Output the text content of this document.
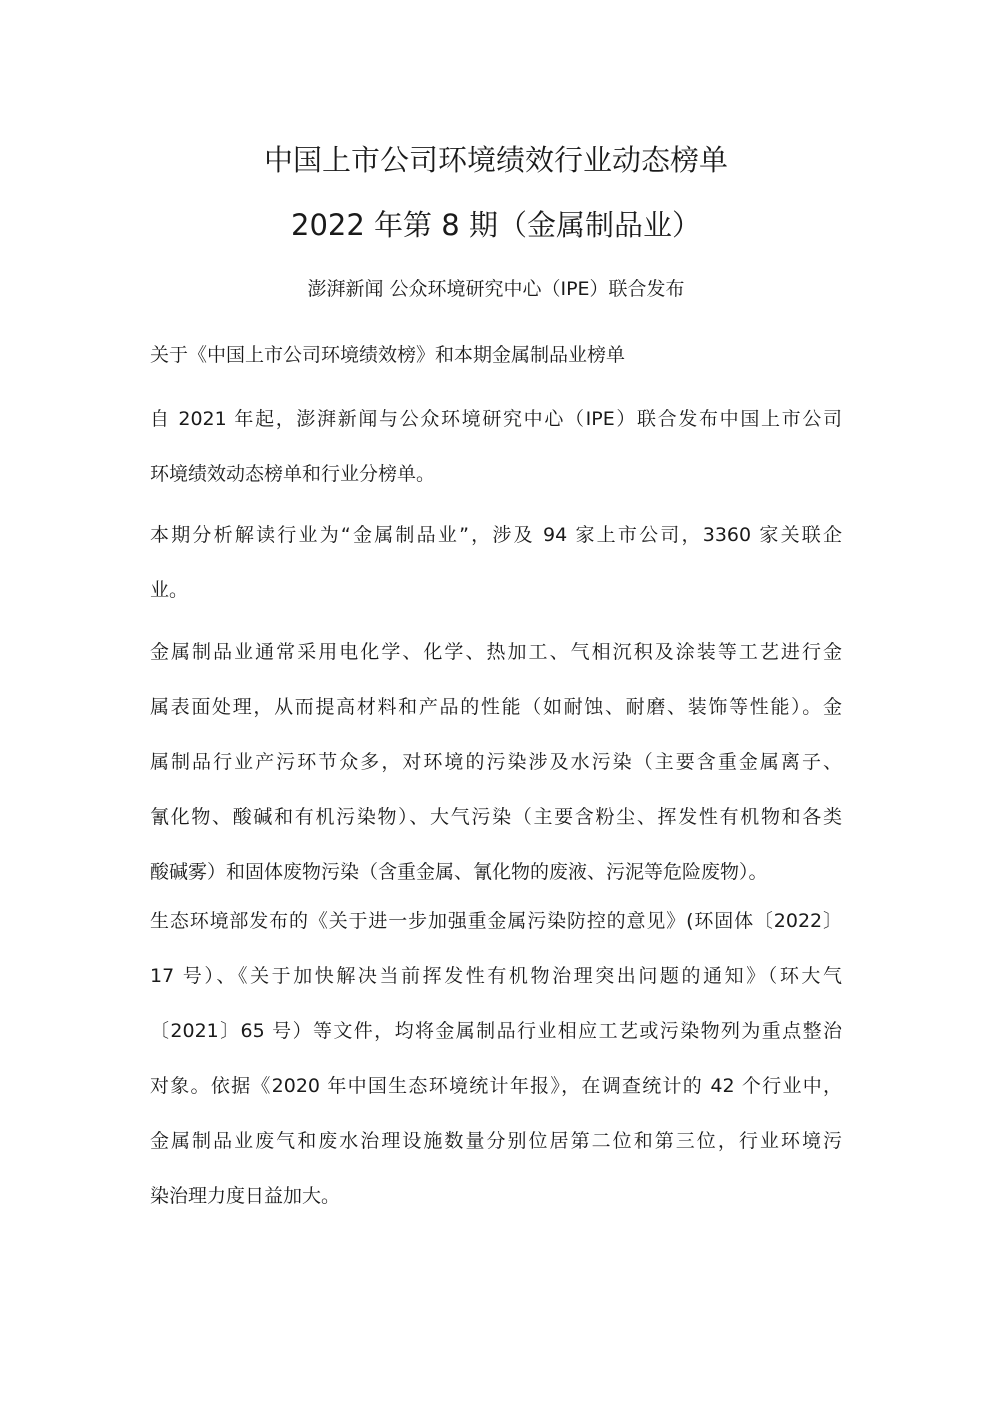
中国上市公司环境绩效行业动态榜单
2022 年第 8 期（金属制品业）
澎湃新闻 公众环境研究中心（IPE）联合发布

关于《中国上市公司环境绩效榜》和本期金属制品业榜单

自 2021 年起，澎湃新闻与公众环境研究中心（IPE）联合发布中国上市公司
环境绩效动态榜单和行业分榜单。

本期分析解读行业为“金属制品业”，涉及 94 家上市公司，3360 家关联企
业。

金属制品业通常采用电化学、化学、热加工、气相沉积及涂装等工艺进行金
属表面处理，从而提高材料和产品的性能（如耐蚀、耐磨、装饰等性能）。金
属制品行业产污环节众多，对环境的污染涉及水污染（主要含重金属离子、
氰化物、酸碱和有机污染物）、大气污染（主要含粉尘、挥发性有机物和各类
酸碱雾）和固体废物污染（含重金属、氰化物的废液、污泥等危险废物）。

生态环境部发布的《关于进一步加强重金属污染防控的意见》(环固体〔2022〕
17 号）、《关于加快解决当前挥发性有机物治理突出问题的通知》（环大气
〔2021〕65 号）等文件，均将金属制品行业相应工艺或污染物列为重点整治
对象。依据《2020 年中国生态环境统计年报》，在调查统计的 42 个行业中，
金属制品业废气和废水治理设施数量分别位居第二位和第三位，行业环境污
染治理力度日益加大。
